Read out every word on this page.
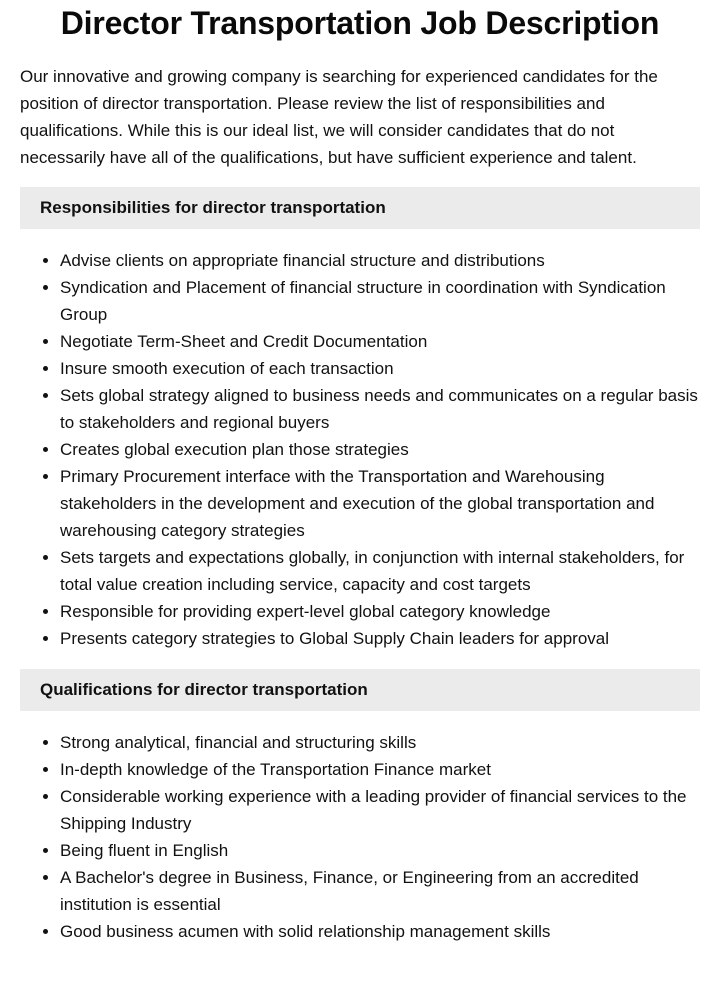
Director Transportation Job Description

Our innovative and growing company is searching for experienced candidates for the position of director transportation. Please review the list of responsibilities and qualifications. While this is our ideal list, we will consider candidates that do not necessarily have all of the qualifications, but have sufficient experience and talent.

Responsibilities for director transportation
• Advise clients on appropriate financial structure and distributions
• Syndication and Placement of financial structure in coordination with Syndication Group
• Negotiate Term-Sheet and Credit Documentation
• Insure smooth execution of each transaction
• Sets global strategy aligned to business needs and communicates on a regular basis to stakeholders and regional buyers
• Creates global execution plan those strategies
• Primary Procurement interface with the Transportation and Warehousing stakeholders in the development and execution of the global transportation and warehousing category strategies
• Sets targets and expectations globally, in conjunction with internal stakeholders, for total value creation including service, capacity and cost targets
• Responsible for providing expert-level global category knowledge
• Presents category strategies to Global Supply Chain leaders for approval
Qualifications for director transportation
• Strong analytical, financial and structuring skills
• In-depth knowledge of the Transportation Finance market
• Considerable working experience with a leading provider of financial services to the Shipping Industry
• Being fluent in English
• A Bachelor's degree in Business, Finance, or Engineering from an accredited institution is essential
• Good business acumen with solid relationship management skills
